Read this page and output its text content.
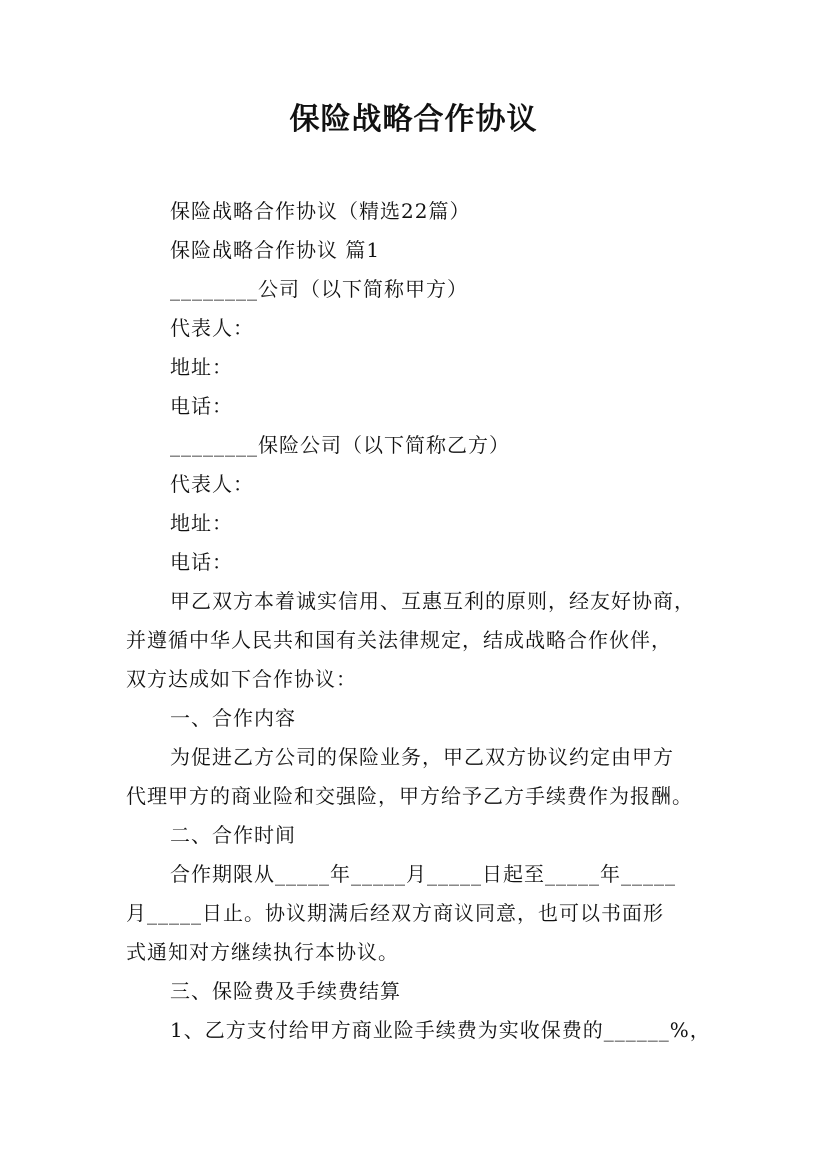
保险战略合作协议
保险战略合作协议（精选22篇）
保险战略合作协议 篇1
________公司（以下简称甲方）
代表人：
地址：
电话：
________保险公司（以下简称乙方）
代表人：
地址：
电话：
甲乙双方本着诚实信用、互惠互利的原则，经友好协商，
并遵循中华人民共和国有关法律规定，结成战略合作伙伴，
双方达成如下合作协议：
一、合作内容
为促进乙方公司的保险业务，甲乙双方协议约定由甲方
代理甲方的商业险和交强险，甲方给予乙方手续费作为报酬。
二、合作时间
合作期限从_____年_____月_____日起至_____年_____
月_____日止。协议期满后经双方商议同意，也可以书面形
式通知对方继续执行本协议。
三、保险费及手续费结算
1、乙方支付给甲方商业险手续费为实收保费的______%，
